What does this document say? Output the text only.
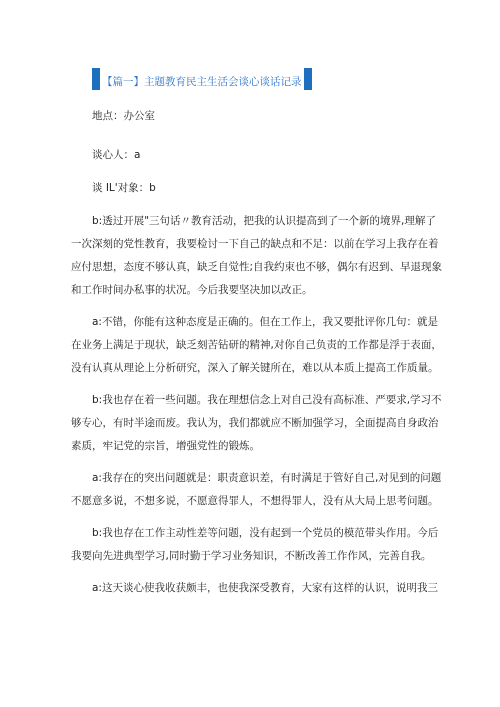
【篇一】主题教育民主生活会谈心谈话记录
地点：办公室
谈心人：a
谈 IL'对象：b
b:透过开展"三句话〃教育活动，把我的认识提高到了一个新的境界,理解了
一次深刻的党性教育，我要检讨一下自己的缺点和不足：以前在学习上我存在着
应付思想，态度不够认真，缺乏自觉性;自我约束也不够，偶尔有迟到、早退现象
和工作时间办私事的状况。今后我要坚决加以改正。
a:不错，你能有这种态度是正确的。但在工作上，我又要批评你几句：就是
在业务上满足于现状，缺乏刻苦钻研的精神,对你自己负责的工作都是浮于表面，
没有认真从理论上分析研究，深入了解关键所在，难以从本质上提高工作质量。
b:我也存在着一些问题。我在理想信念上对自己没有高标准、严要求,学习不
够专心，有时半途而废。我认为，我们都就应不断加强学习，全面提高自身政治
素质，牢记党的宗旨，增强党性的锻炼。
a:我存在的突出问题就是：职责意识差，有时满足于管好自己,对见到的问题
不愿意多说，不想多说，不愿意得罪人，不想得罪人，没有从大局上思考问题。
b:我也存在工作主动性差等问题，没有起到一个党员的模范带头作用。今后
我要向先进典型学习,同时勤于学习业务知识，不断改善工作作风，完善自我。
a:这天谈心使我收获颇丰，也使我深受教育，大家有这样的认识，说明我三
